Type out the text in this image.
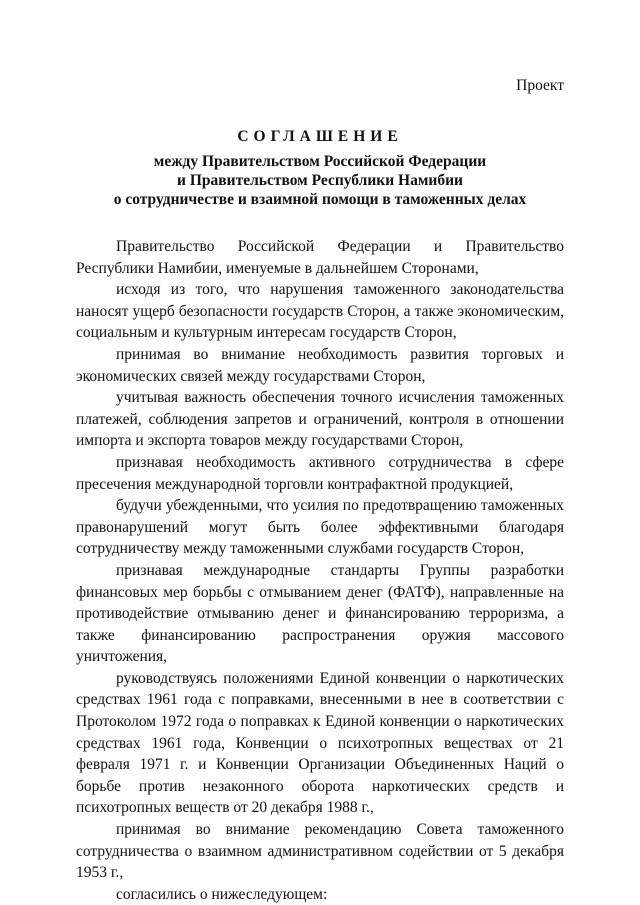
Проект
СОГЛАШЕНИЕ
между Правительством Российской Федерации
и Правительством Республики Намибии
о сотрудничестве и взаимной помощи в таможенных делах

Правительство Российской Федерации и Правительство Республики Намибии, именуемые в дальнейшем Сторонами,

исходя из того, что нарушения таможенного законодательства наносят ущерб безопасности государств Сторон, а также экономическим, социальным и культурным интересам государств Сторон,

принимая во внимание необходимость развития торговых и экономических связей между государствами Сторон,

учитывая важность обеспечения точного исчисления таможенных платежей, соблюдения запретов и ограничений, контроля в отношении импорта и экспорта товаров между государствами Сторон,

признавая необходимость активного сотрудничества в сфере пресечения международной торговли контрафактной продукцией,

будучи убежденными, что усилия по предотвращению таможенных правонарушений могут быть более эффективными благодаря сотрудничеству между таможенными службами государств Сторон,

признавая международные стандарты Группы разработки финансовых мер борьбы с отмыванием денег (ФАТФ), направленные на противодействие отмыванию денег и финансированию терроризма, а также финансированию распространения оружия массового уничтожения,

руководствуясь положениями Единой конвенции о наркотических средствах 1961 года с поправками, внесенными в нее в соответствии с Протоколом 1972 года о поправках к Единой конвенции о наркотических средствах 1961 года, Конвенции о психотропных веществах от 21 февраля 1971 г. и Конвенции Организации Объединенных Наций о борьбе против незаконного оборота наркотических средств и психотропных веществ от 20 декабря 1988 г.,

принимая во внимание рекомендацию Совета таможенного сотрудничества о взаимном административном содействии от 5 декабря 1953 г.,

согласились о нижеследующем:
